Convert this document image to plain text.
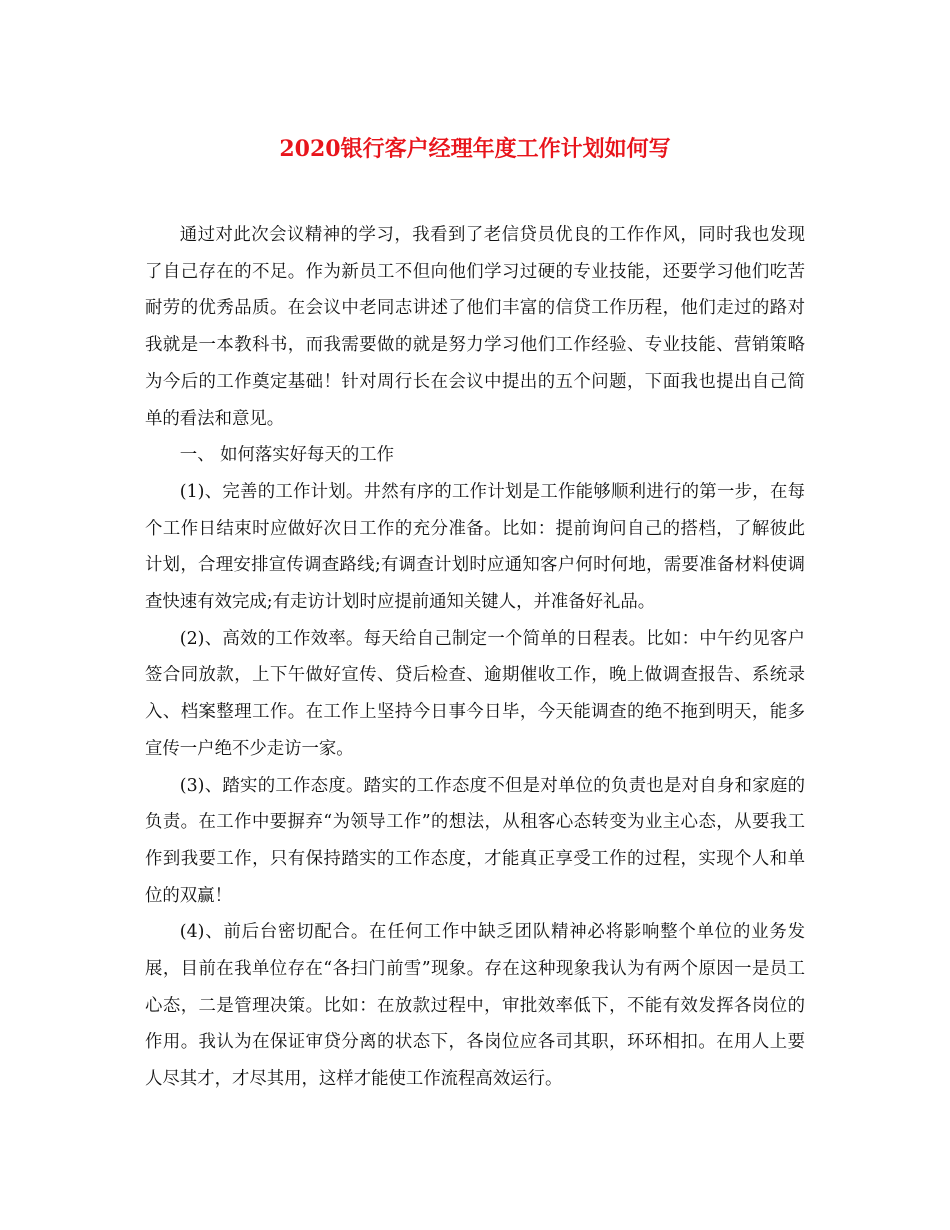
2020银行客户经理年度工作计划如何写

通过对此次会议精神的学习，我看到了老信贷员优良的工作作风，同时我也发现了自己存在的不足。作为新员工不但向他们学习过硬的专业技能，还要学习他们吃苦耐劳的优秀品质。在会议中老同志讲述了他们丰富的信贷工作历程，他们走过的路对我就是一本教科书，而我需要做的就是努力学习他们工作经验、专业技能、营销策略为今后的工作奠定基础！针对周行长在会议中提出的五个问题，下面我也提出自己简单的看法和意见。

一、 如何落实好每天的工作

(1)、完善的工作计划。井然有序的工作计划是工作能够顺利进行的第一步，在每个工作日结束时应做好次日工作的充分准备。比如：提前询问自己的搭档，了解彼此计划，合理安排宣传调查路线;有调查计划时应通知客户何时何地，需要准备材料使调查快速有效完成;有走访计划时应提前通知关键人，并准备好礼品。

(2)、高效的工作效率。每天给自己制定一个简单的日程表。比如：中午约见客户签合同放款，上下午做好宣传、贷后检查、逾期催收工作，晚上做调查报告、系统录入、档案整理工作。在工作上坚持今日事今日毕，今天能调查的绝不拖到明天，能多宣传一户绝不少走访一家。

(3)、踏实的工作态度。踏实的工作态度不但是对单位的负责也是对自身和家庭的负责。在工作中要摒弃“为领导工作”的想法，从租客心态转变为业主心态，从要我工作到我要工作，只有保持踏实的工作态度，才能真正享受工作的过程，实现个人和单位的双赢！

(4)、前后台密切配合。在任何工作中缺乏团队精神必将影响整个单位的业务发展，目前在我单位存在“各扫门前雪”现象。存在这种现象我认为有两个原因一是员工心态，二是管理决策。比如：在放款过程中，审批效率低下，不能有效发挥各岗位的作用。我认为在保证审贷分离的状态下，各岗位应各司其职，环环相扣。在用人上要人尽其才，才尽其用，这样才能使工作流程高效运行。
